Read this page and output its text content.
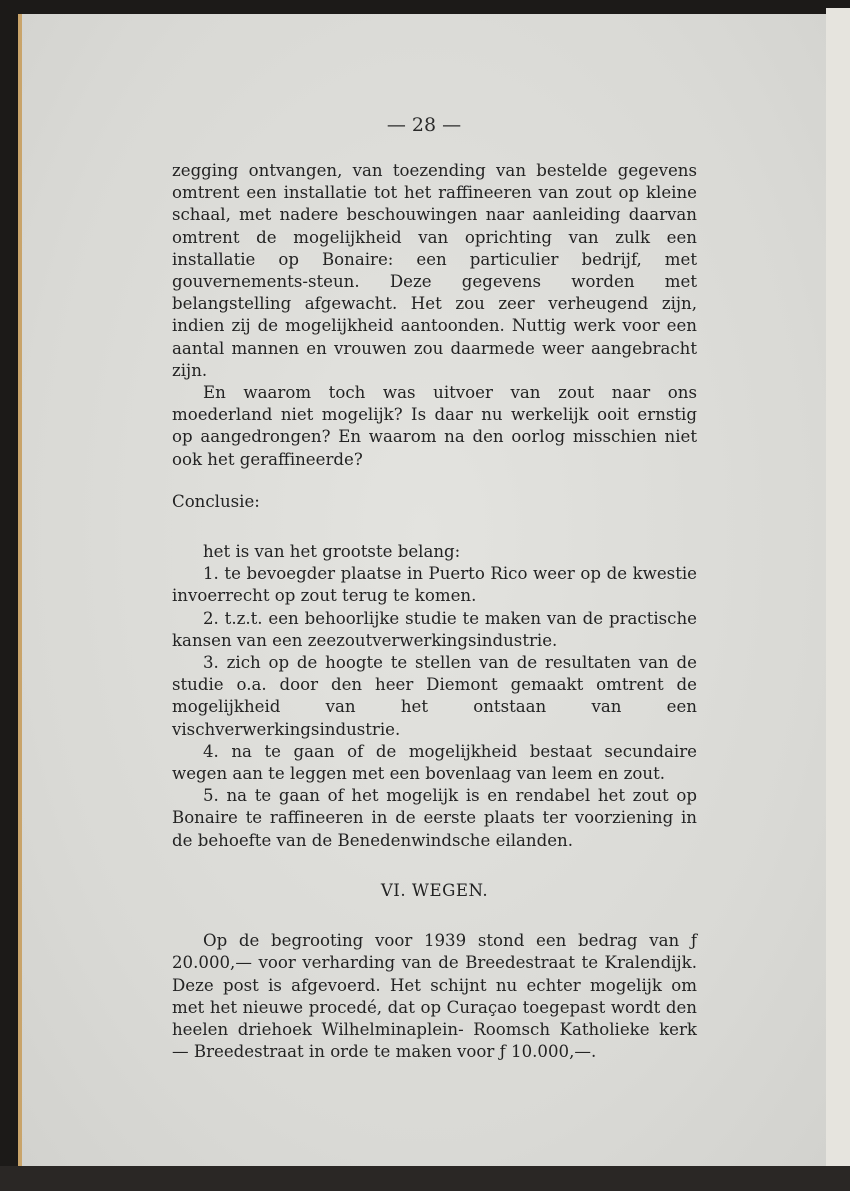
— 28 —

zegging ontvangen, van toezending van bestelde gegevens omtrent een installatie tot het raffineeren van zout op kleine schaal, met nadere beschouwingen naar aanleiding daarvan omtrent de mogelijkheid van oprichting van zulk een installatie op Bonaire: een particulier bedrijf, met gouvernements-steun. Deze gegevens worden met belangstelling afgewacht. Het zou zeer verheugend zijn, indien zij de mogelijkheid aantoonden. Nuttig werk voor een aantal mannen en vrouwen zou daarmede weer aangebracht zijn.

En waarom toch was uitvoer van zout naar ons moederland niet mogelijk? Is daar nu werkelijk ooit ernstig op aangedrongen? En waarom na den oorlog misschien niet ook het geraffineerde?

Conclusie:

het is van het grootste belang:

1. te bevoegder plaatse in Puerto Rico weer op de kwestie invoerrecht op zout terug te komen.

2. t.z.t. een behoorlijke studie te maken van de practische kansen van een zeezoutverwerkingsindustrie.

3. zich op de hoogte te stellen van de resultaten van de studie o.a. door den heer Diemont gemaakt omtrent de mogelijkheid van het ontstaan van een vischverwerkingsindustrie.

4. na te gaan of de mogelijkheid bestaat secundaire wegen aan te leggen met een bovenlaag van leem en zout.

5. na te gaan of het mogelijk is en rendabel het zout op Bonaire te raffineeren in de eerste plaats ter voorziening in de behoefte van de Benedenwindsche eilanden.

VI. WEGEN.

Op de begrooting voor 1939 stond een bedrag van ƒ 20.000,— voor verharding van de Breedestraat te Kralendijk. Deze post is afgevoerd. Het schijnt nu echter mogelijk om met het nieuwe procedé, dat op Curaçao toegepast wordt den heelen driehoek Wilhelminaplein- Roomsch Katholieke kerk — Breedestraat in orde te maken voor ƒ 10.000,—.
